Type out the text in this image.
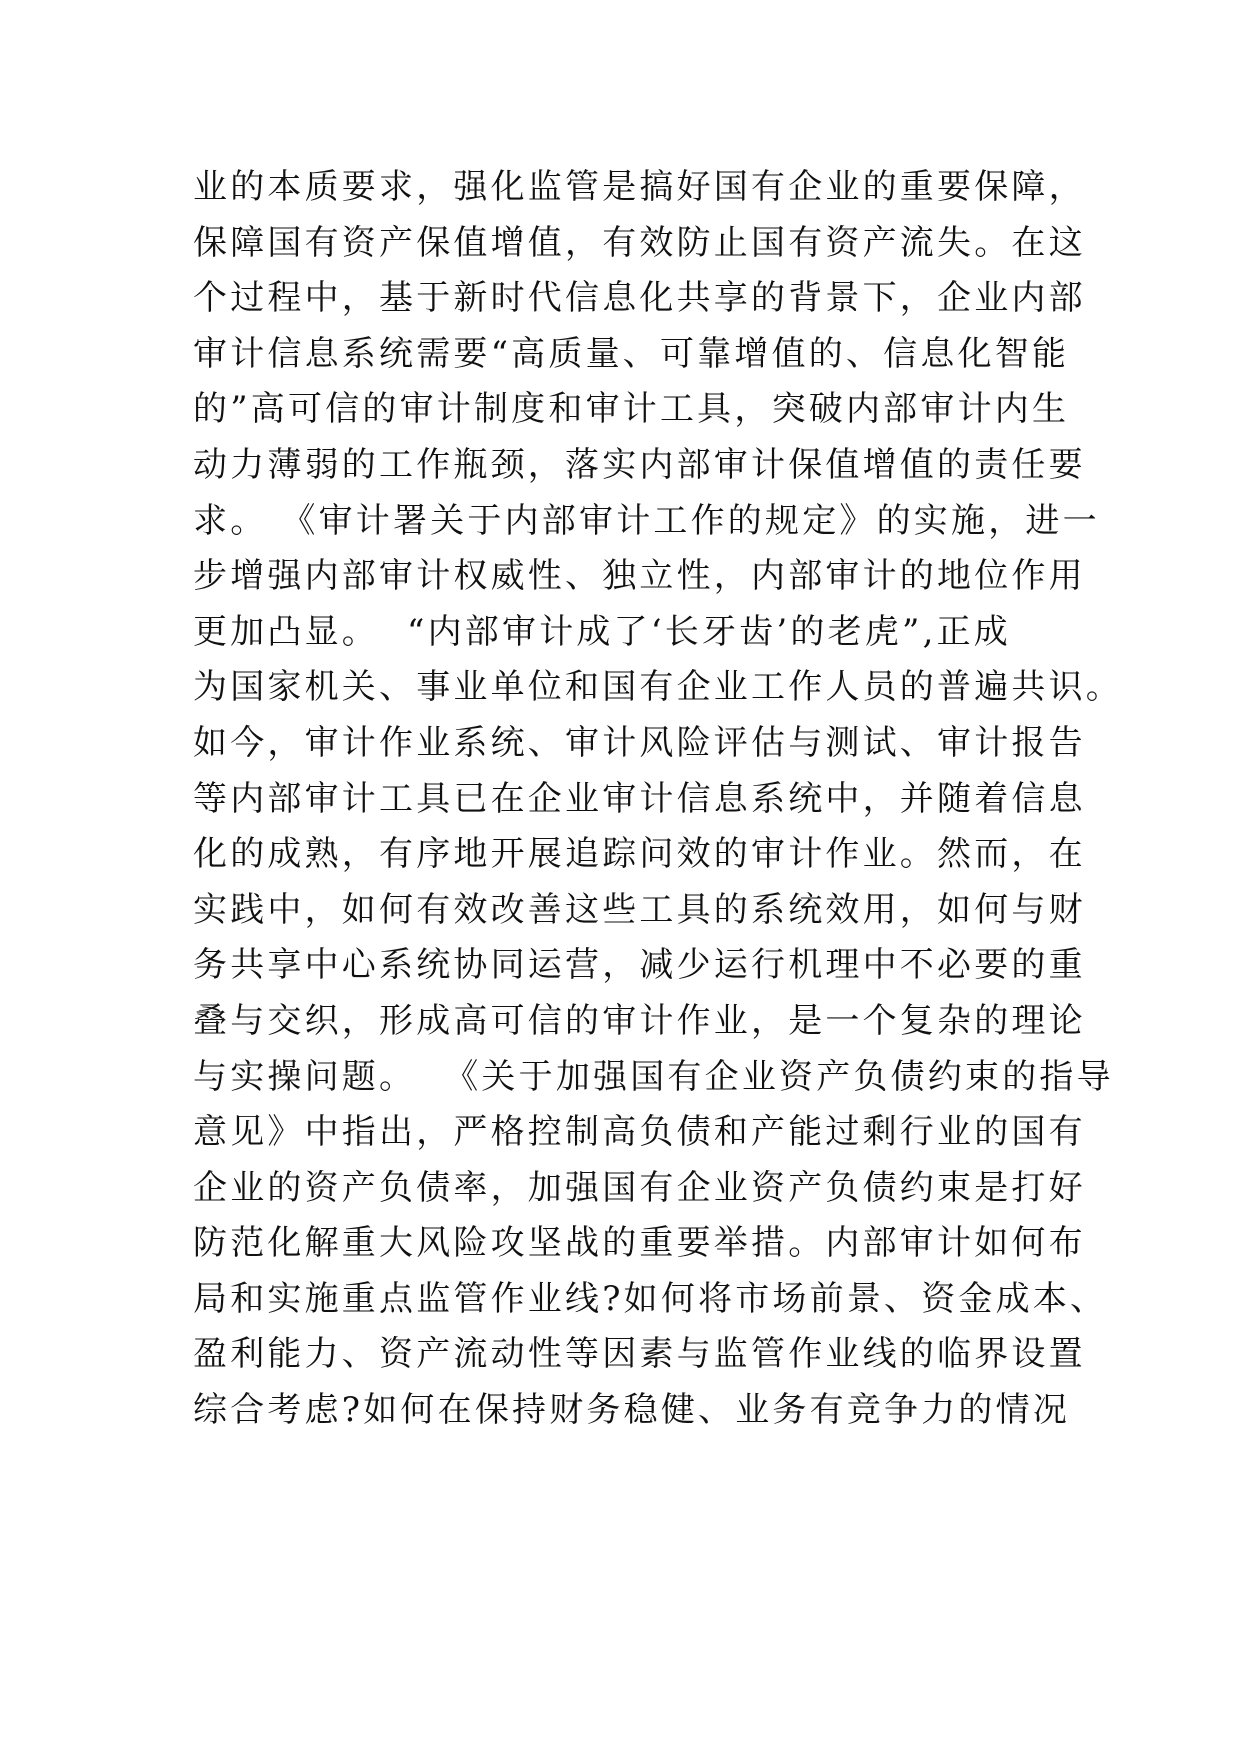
业的本质要求，强化监管是搞好国有企业的重要保障，
保障国有资产保值增值，有效防止国有资产流失。在这
个过程中，基于新时代信息化共享的背景下，企业内部
审计信息系统需要“高质量、可靠增值的、信息化智能
的”高可信的审计制度和审计工具，突破内部审计内生
动力薄弱的工作瓶颈，落实内部审计保值增值的责任要
求。 《审计署关于内部审计工作的规定》的实施，进一
步增强内部审计权威性、独立性，内部审计的地位作用
更加凸显。  “内部审计成了‘长牙齿’的老虎”,正成
为国家机关、事业单位和国有企业工作人员的普遍共识。
如今，审计作业系统、审计风险评估与测试、审计报告
等内部审计工具已在企业审计信息系统中，并随着信息
化的成熟，有序地开展追踪问效的审计作业。然而，在
实践中，如何有效改善这些工具的系统效用，如何与财
务共享中心系统协同运营，减少运行机理中不必要的重
叠与交织，形成高可信的审计作业，是一个复杂的理论
与实操问题。  《关于加强国有企业资产负债约束的指导
意见》中指出，严格控制高负债和产能过剩行业的国有
企业的资产负债率，加强国有企业资产负债约束是打好
防范化解重大风险攻坚战的重要举措。内部审计如何布
局和实施重点监管作业线?如何将市场前景、资金成本、
盈利能力、资产流动性等因素与监管作业线的临界设置
综合考虑?如何在保持财务稳健、业务有竞争力的情况
